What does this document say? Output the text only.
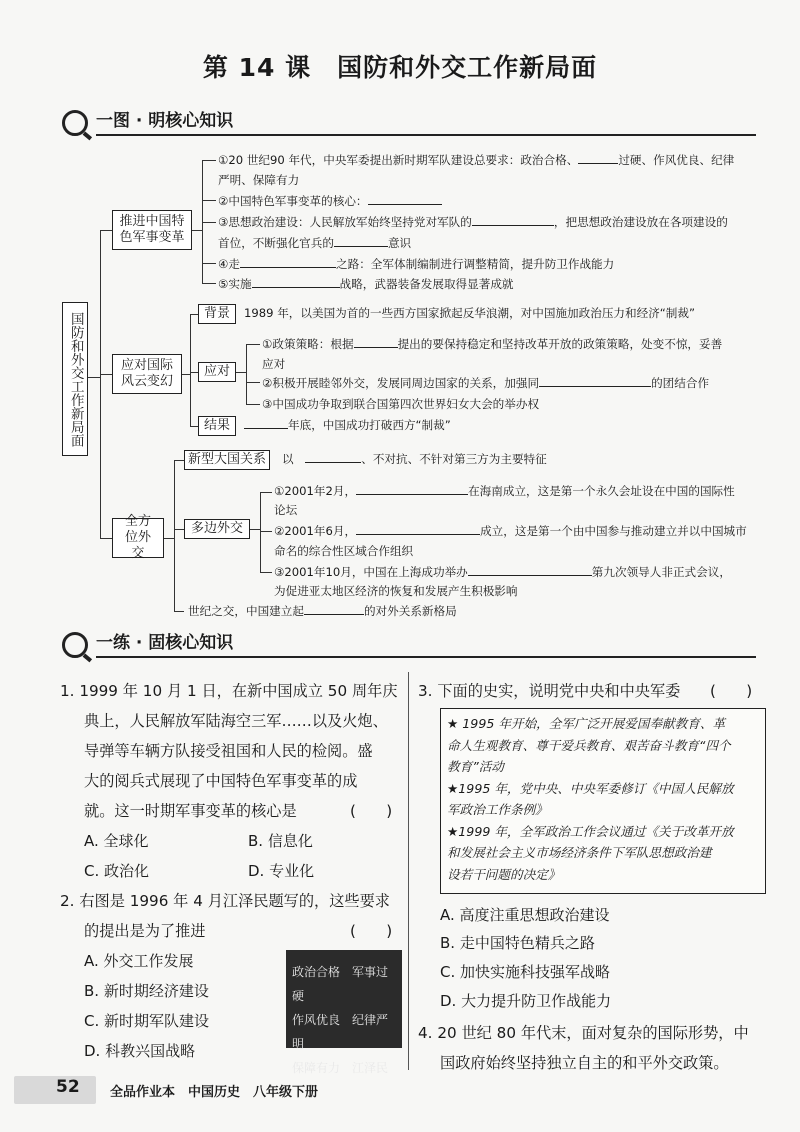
第 14 课　国防和外交工作新局面
一图 · 明核心知识
国防和外交工作新局面
推进中国特色军事变革
①20 世纪90 年代，中央军委提出新时期军队建设总要求：政治合格、	过硬、作风优良、纪律
严明、保障有力
②中国特色军事变革的核心：
③思想政治建设：人民解放军始终坚持党对军队的	，把思想政治建设放在各项建设的
首位，不断强化官兵的	意识
④走	之路：全军体制编制进行调整精简，提升防卫作战能力
⑤实施	战略，武器装备发展取得显著成就
应对国际风云变幻
背景	1989 年，以美国为首的一些西方国家掀起反华浪潮，对中国施加政治压力和经济“制裁”
应对
①政策策略：根据	提出的要保持稳定和坚持改革开放的政策策略，处变不惊，妥善
应对
②积极开展睦邻外交，发展同周边国家的关系，加强同	的团结合作
③中国成功争取到联合国第四次世界妇女大会的举办权
结果	年底，中国成功打破西方“制裁”
全方位外交
新型大国关系	以　	、不对抗、不针对第三方为主要特征
多边外交
①2001年2月，	在海南成立，这是第一个永久会址设在中国的国际性
论坛
②2001年6月，	成立，这是第一个由中国参与推动建立并以中国城市
命名的综合性区域合作组织
③2001年10月，中国在上海成功举办	第九次领导人非正式会议，
为促进亚太地区经济的恢复和发展产生积极影响
世纪之交，中国建立起	的对外关系新格局
一练 · 固核心知识
1. 1999 年 10 月 1 日，在新中国成立 50 周年庆
典上，人民解放军陆海空三军……以及火炮、
导弹等车辆方队接受祖国和人民的检阅。盛
大的阅兵式展现了中国特色军事变革的成
就。这一时期军事变革的核心是	(　　)
A. 全球化	B. 信息化
C. 政治化	D. 专业化
2. 右图是 1996 年 4 月江泽民题写的，这些要求
的提出是为了推进	(　　)
A. 外交工作发展
B. 新时期经济建设
C. 新时期军队建设
D. 科教兴国战略
政治合格　军事过硬
作风优良　纪律严明
保障有力　江泽民
3. 下面的史实，说明党中央和中央军委 (　　)
★ 1995 年开始，全军广泛开展爱国奉献教育、革
命人生观教育、尊干爱兵教育、艰苦奋斗教育“四个
教育”活动
★1995 年，党中央、中央军委修订《中国人民解放
军政治工作条例》
★1999 年，全军政治工作会议通过《关于改革开放
和发展社会主义市场经济条件下军队思想政治建
设若干问题的决定》
A. 高度注重思想政治建设
B. 走中国特色精兵之路
C. 加快实施科技强军战略
D. 大力提升防卫作战能力
4. 20 世纪 80 年代末，面对复杂的国际形势，中
国政府始终坚持独立自主的和平外交政策。
52 全品作业本　中国历史　八年级下册
